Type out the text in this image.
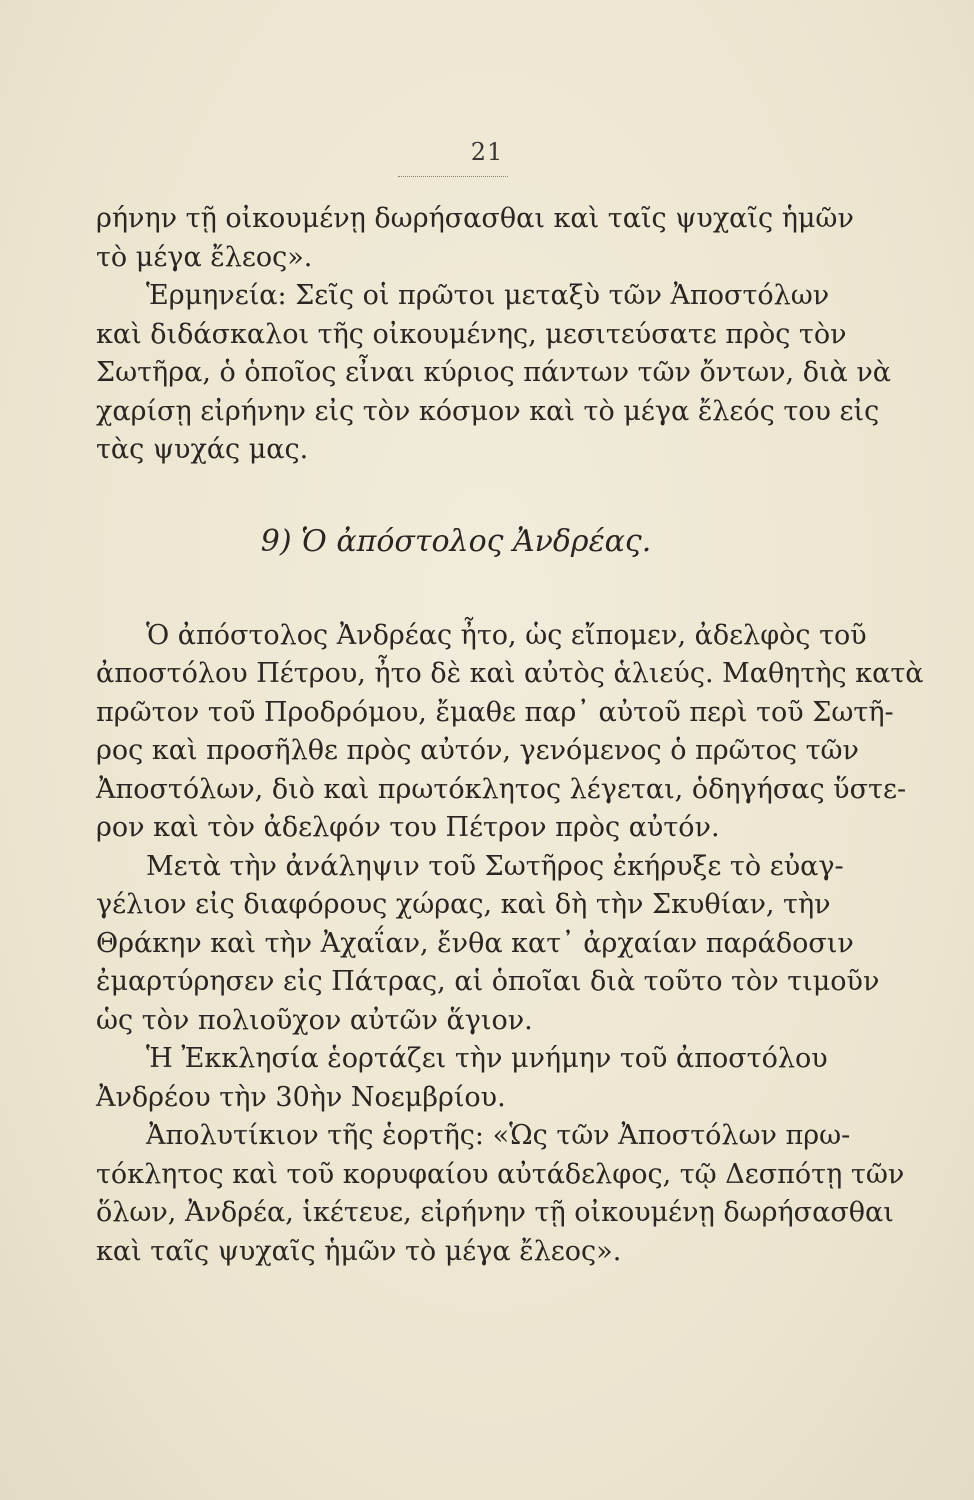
21
ρήνην τῇ οἰκουμένῃ δωρήσασθαι καὶ ταῖς ψυχαῖς ἡμῶν
τὸ μέγα ἔλεος».
Ἑρμηνεία: Σεῖς οἱ πρῶτοι μεταξὺ τῶν Ἀποστόλων
καὶ διδάσκαλοι τῆς οἰκουμένης, μεσιτεύσατε πρὸς τὸν
Σωτῆρα, ὁ ὁποῖος εἶναι κύριος πάντων τῶν ὄντων, διὰ νὰ
χαρίσῃ εἰρήνην εἰς τὸν κόσμον καὶ τὸ μέγα ἔλεός του εἰς
τὰς ψυχάς μας.
9) Ὁ ἀπόστολος Ἀνδρέας.
Ὁ ἀπόστολος Ἀνδρέας ἦτο, ὡς εἴπομεν, ἀδελφὸς τοῦ
ἀποστόλου Πέτρου, ἦτο δὲ καὶ αὐτὸς ἁλιεύς. Μαθητὴς κατὰ
πρῶτον τοῦ Προδρόμου, ἔμαθε παρ᾽ αὐτοῦ περὶ τοῦ Σωτῆ-
ρος καὶ προσῆλθε πρὸς αὐτόν, γενόμενος ὁ πρῶτος τῶν
Ἀποστόλων, διὸ καὶ πρωτόκλητος λέγεται, ὁδηγήσας ὕστε-
ρον καὶ τὸν ἀδελφόν του Πέτρον πρὸς αὐτόν.
Μετὰ τὴν ἀνάληψιν τοῦ Σωτῆρος ἐκήρυξε τὸ εὐαγ-
γέλιον εἰς διαφόρους χώρας, καὶ δὴ τὴν Σκυθίαν, τὴν
Θράκην καὶ τὴν Ἀχαΐαν, ἔνθα κατ᾽ ἀρχαίαν παράδοσιν
ἐμαρτύρησεν εἰς Πάτρας, αἱ ὁποῖαι διὰ τοῦτο τὸν τιμοῦν
ὡς τὸν πολιοῦχον αὐτῶν ἅγιον.
Ἡ Ἐκκλησία ἑορτάζει τὴν μνήμην τοῦ ἀποστόλου
Ἀνδρέου τὴν 30ὴν Νοεμβρίου.
Ἀπολυτίκιον τῆς ἑορτῆς: «Ὡς τῶν Ἀποστόλων πρω-
τόκλητος καὶ τοῦ κορυφαίου αὐτάδελφος, τῷ Δεσπότῃ τῶν
ὅλων, Ἀνδρέα, ἱκέτευε, εἰρήνην τῇ οἰκουμένῃ δωρήσασθαι
καὶ ταῖς ψυχαῖς ἡμῶν τὸ μέγα ἔλεος».
